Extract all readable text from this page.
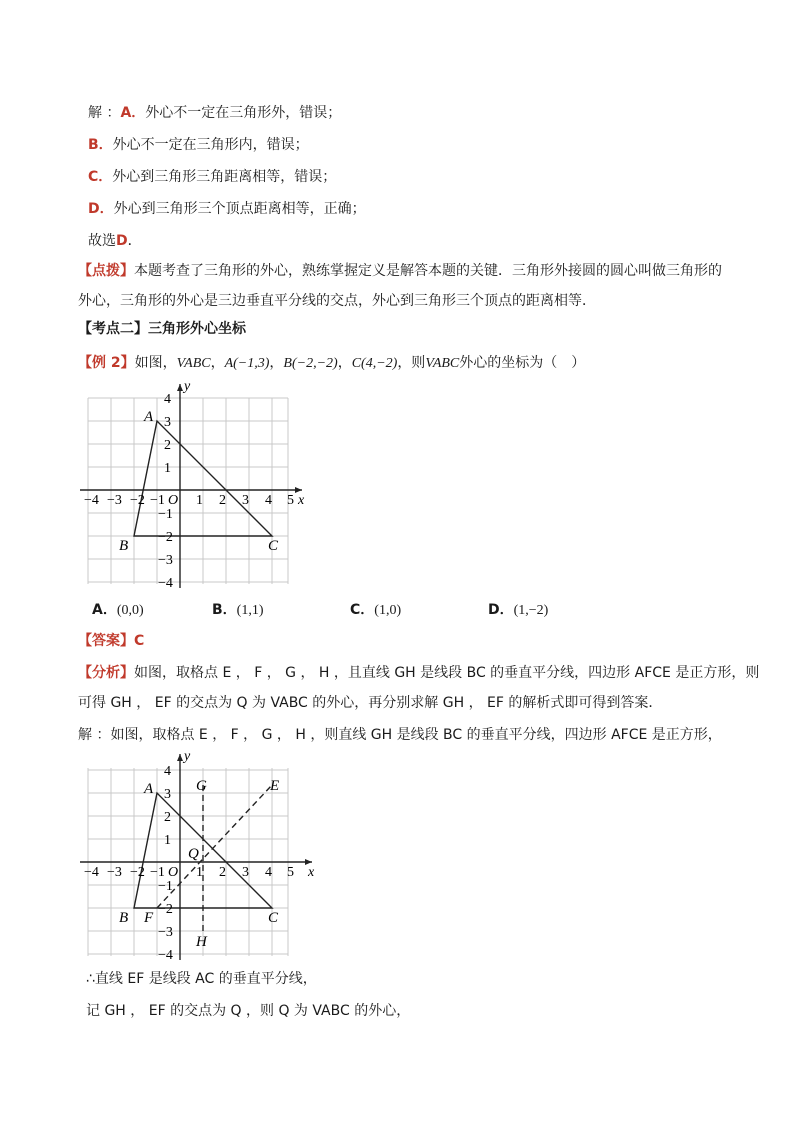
解 ：A．外心不一定在三角形外，错误；
B．外心不一定在三角形内，错误；
C．外心到三角形三角距离相等，错误；
D．外心到三角形三个顶点距离相等，正确；
故选D．
【点拨】本题考查了三角形的外心，熟练掌握定义是解答本题的关键．三角形外接圆的圆心叫做三角形的
外心，三角形的外心是三边垂直平分线的交点，外心到三角形三个顶点的距离相等．
【考点二】三角形外心坐标
【例 2】如图，VABC，A(−1,3)，B(−2,−2)，C(4,−2)，则VABC外心的坐标为（　）
x
y
A
B	C
−4 −3 −2 −1 O 1 2 3 4 5
4
3
2
1
−1
−2
−3
−4
A．(0,0)	B．(1,1)	C．(1,0)	D．(1,−2)
【答案】C
【分析】如图，取格点 E ， F ， G ， H ，且直线 GH 是线段 BC 的垂直平分线，四边形 AFCE 是正方形，则
可得 GH ， EF 的交点为 Q 为 VABC 的外心，再分别求解 GH ， EF 的解析式即可得到答案．
解 ：如图，取格点 E ， F ， G ， H ，则直线 GH 是线段 BC 的垂直平分线，四边形 AFCE 是正方形，
x
y
A
B	C
E
F
G
H
Q
−4 −3 −2 −1 O 1 2 3 4 5
4
3
2
1
−1
−2
−3
−4
∴直线 EF 是线段 AC 的垂直平分线，
记 GH ， EF 的交点为 Q ，则 Q 为 VABC 的外心，
